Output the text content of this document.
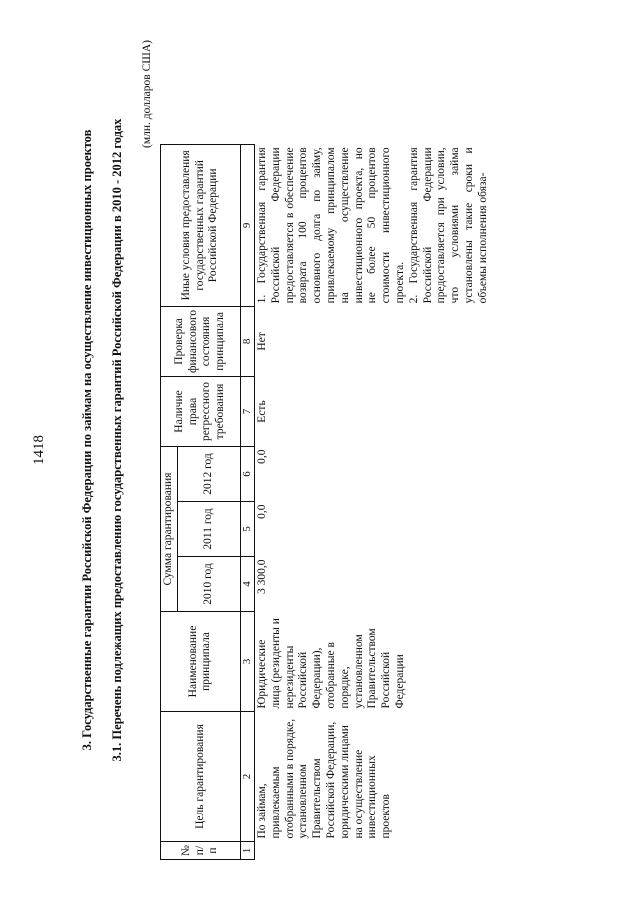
1418	3. Государственные гарантии Российской Федерации по займам на осуществление инвестиционных проектов 3.1. Перечень подлежащих предоставлению государственных гарантий Российской Федерации в 2010 - 2012 годах
(млн. долларов США)
№ п/п	Цель гарантирования	Наименование принципала	Сумма гарантирования			Наличие права регрессного требования	Проверка финансового состояния принципала	Иные условия предоставления государственных гарантий Российской Федерации
			2010 год	2011 год	2012 год			
1	2	3	4	5	6	7	8	9
	По займам, привлекаемым отобранными в порядке, установленном Правительством Российской Федерации, юридическими лицами на осуществление инвестиционных проектов	Юридические лица (резиденты и нерезиденты Российской Федерации), отобранные в порядке, установленном Правительством Российской Федерации	3 300,0	0,0	0,0	Есть	Нет	1. Государственная гарантия Российской Федерации предоставляется в обеспечение возврата 100 процентов основного долга по займу, привлекаемому принципалом на осуществление инвестиционного проекта, но не более 50 процентов стоимости инвестиционного проекта. 2. Государственная гарантия Российской Федерации предоставляется при условии, что условиями займа установлены такие сроки и объемы исполнения обяза-
